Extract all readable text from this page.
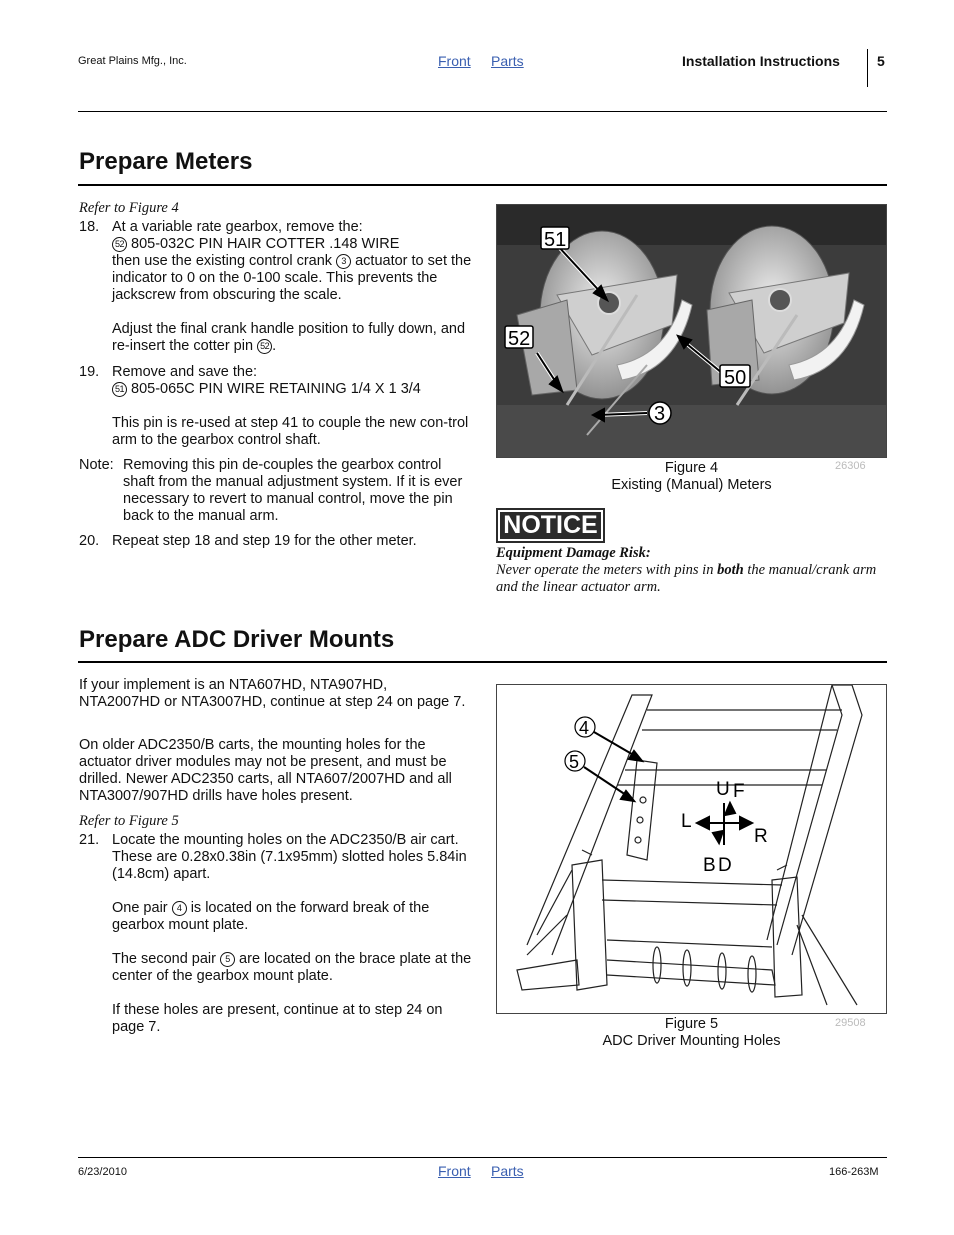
Great Plains Mfg., Inc.	Front Parts	Installation Instructions	5
Prepare Meters
Refer to Figure 4
18. At a variable rate gearbox, remove the:
52 805-032C PIN HAIR COTTER .148 WIRE
then use the existing control crank 3 actuator to set the indicator to 0 on the 0-100 scale. This prevents the jackscrew from obscuring the scale.
Adjust the final crank handle position to fully down, and re-insert the cotter pin 52 .
19. Remove and save the:
51 805-065C PIN WIRE RETAINING 1/4 X 1 3/4
This pin is re-used at step 41 to couple the new con-trol arm to the gearbox control shaft.
Note: Removing this pin de-couples the gearbox control shaft from the manual adjustment system. If it is ever necessary to revert to manual control, move the pin back to the manual arm.
20. Repeat step 18 and step 19 for the other meter.
51
52
50
3
Figure 4
Existing (Manual) Meters
26306
NOTICE
Equipment Damage Risk:
Never operate the meters with pins in both the manual/crank arm and the linear actuator arm.
Prepare ADC Driver Mounts
If your implement is an NTA607HD, NTA907HD, NTA2007HD or NTA3007HD, continue at step 24 on page 7.
On older ADC2350/B carts, the mounting holes for the actuator driver modules may not be present, and must be drilled. Newer ADC2350 carts, all NTA607/2007HD and all NTA3007/907HD drills have holes present.
Refer to Figure 5
21. Locate the mounting holes on the ADC2350/B air cart. These are 0.28x0.38in (7.1x95mm) slotted holes 5.84in (14.8cm) apart.
One pair 4 is located on the forward break of the gearbox mount plate.
The second pair 5 are located on the brace plate at the center of the gearbox mount plate.
If these holes are present, continue at to step 24 on page 7.
4
5
U F
L
R
B D
Figure 5
ADC Driver Mounting Holes
29508
6/23/2010	Front Parts	166-263M
